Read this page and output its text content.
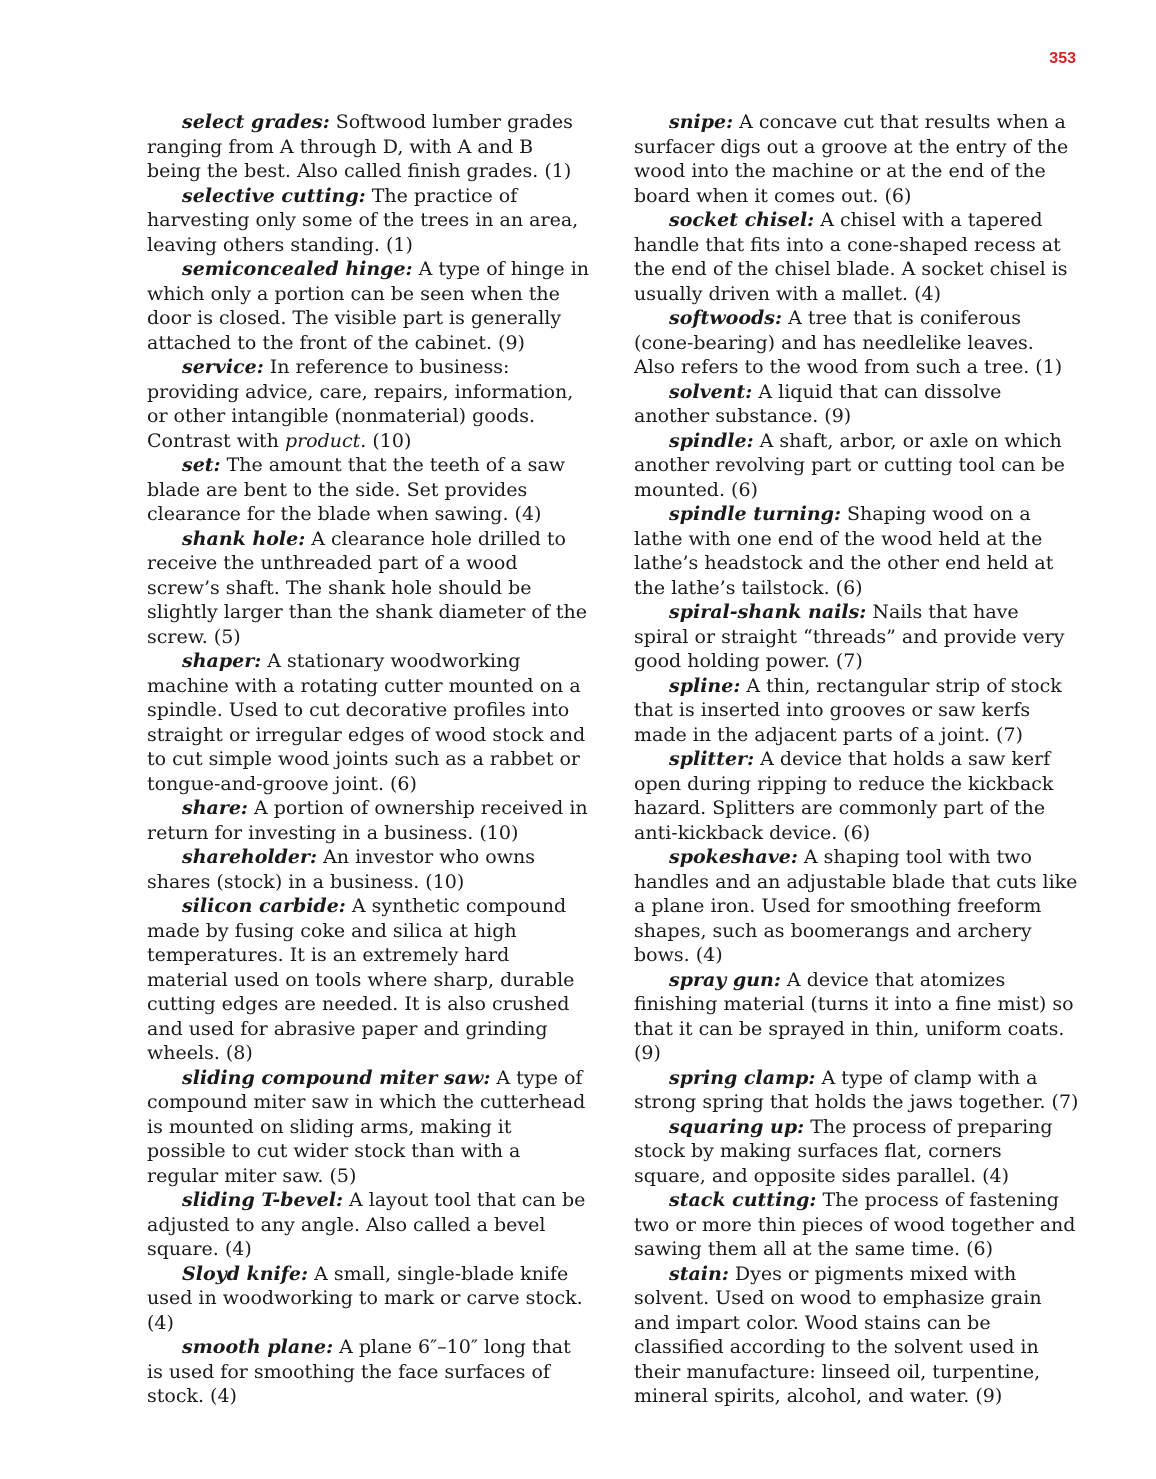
353

select grades: Softwood lumber grades ranging from A through D, with A and B being the best. Also called finish grades. (1)

selective cutting: The practice of harvesting only some of the trees in an area, leaving others standing. (1)

semiconcealed hinge: A type of hinge in which only a portion can be seen when the door is closed. The visible part is generally attached to the front of the cabinet. (9)

service: In reference to business: providing advice, care, repairs, information, or other intangible (nonmaterial) goods. Contrast with product. (10)

set: The amount that the teeth of a saw blade are bent to the side. Set provides clearance for the blade when sawing. (4)

shank hole: A clearance hole drilled to receive the unthreaded part of a wood screw’s shaft. The shank hole should be slightly larger than the shank diameter of the screw. (5)

shaper: A stationary woodworking machine with a rotating cutter mounted on a spindle. Used to cut decorative profiles into straight or irregular edges of wood stock and to cut simple wood joints such as a rabbet or tongue-and-groove joint. (6)

share: A portion of ownership received in return for investing in a business. (10)

shareholder: An investor who owns shares (stock) in a business. (10)

silicon carbide: A synthetic compound made by fusing coke and silica at high temperatures. It is an extremely hard material used on tools where sharp, durable cutting edges are needed. It is also crushed and used for abrasive paper and grinding wheels. (8)

sliding compound miter saw: A type of compound miter saw in which the cutterhead is mounted on sliding arms, making it possible to cut wider stock than with a regular miter saw. (5)

sliding T-bevel: A layout tool that can be adjusted to any angle. Also called a bevel square. (4)

Sloyd knife: A small, single-blade knife used in woodworking to mark or carve stock. (4)

smooth plane: A plane 6″–10″ long that is used for smoothing the face surfaces of stock. (4)

snipe: A concave cut that results when a surfacer digs out a groove at the entry of the wood into the machine or at the end of the board when it comes out. (6)

socket chisel: A chisel with a tapered handle that fits into a cone-shaped recess at the end of the chisel blade. A socket chisel is usually driven with a mallet. (4)

softwoods: A tree that is coniferous (cone-bearing) and has needlelike leaves. Also refers to the wood from such a tree. (1)

solvent: A liquid that can dissolve another substance. (9)

spindle: A shaft, arbor, or axle on which another revolving part or cutting tool can be mounted. (6)

spindle turning: Shaping wood on a lathe with one end of the wood held at the lathe’s headstock and the other end held at the lathe’s tailstock. (6)

spiral-shank nails: Nails that have spiral or straight “threads” and provide very good holding power. (7)

spline: A thin, rectangular strip of stock that is inserted into grooves or saw kerfs made in the adjacent parts of a joint. (7)

splitter: A device that holds a saw kerf open during ripping to reduce the kickback hazard. Splitters are commonly part of the anti-kickback device. (6)

spokeshave: A shaping tool with two handles and an adjustable blade that cuts like a plane iron. Used for smoothing freeform shapes, such as boomerangs and archery bows. (4)

spray gun: A device that atomizes finishing material (turns it into a fine mist) so that it can be sprayed in thin, uniform coats. (9)

spring clamp: A type of clamp with a strong spring that holds the jaws together. (7)

squaring up: The process of preparing stock by making surfaces flat, corners square, and opposite sides parallel. (4)

stack cutting: The process of fastening two or more thin pieces of wood together and sawing them all at the same time. (6)

stain: Dyes or pigments mixed with solvent. Used on wood to emphasize grain and impart color. Wood stains can be classified according to the solvent used in their manufacture: linseed oil, turpentine, mineral spirits, alcohol, and water. (9)
